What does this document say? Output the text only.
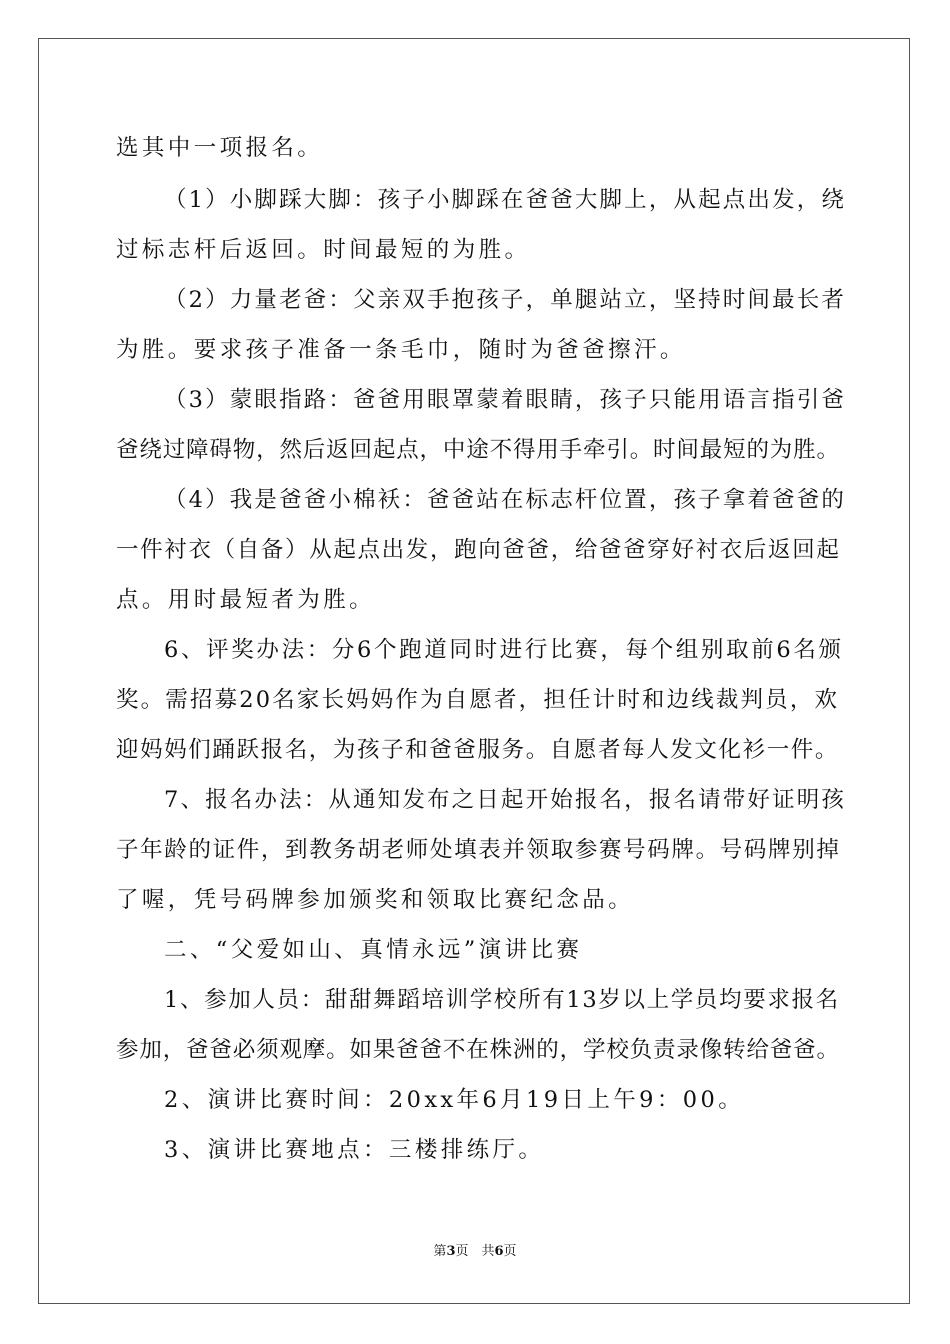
选其中一项报名。
（1）小脚踩大脚：孩子小脚踩在爸爸大脚上，从起点出发，绕
过标志杆后返回。时间最短的为胜。
（2）力量老爸：父亲双手抱孩子，单腿站立，坚持时间最长者
为胜。要求孩子准备一条毛巾，随时为爸爸擦汗。
（3）蒙眼指路：爸爸用眼罩蒙着眼睛，孩子只能用语言指引爸
爸绕过障碍物，然后返回起点，中途不得用手牵引。时间最短的为胜。
（4）我是爸爸小棉袄：爸爸站在标志杆位置，孩子拿着爸爸的
一件衬衣（自备）从起点出发，跑向爸爸，给爸爸穿好衬衣后返回起
点。用时最短者为胜。
6、评奖办法：分6个跑道同时进行比赛，每个组别取前6名颁
奖。需招募20名家长妈妈作为自愿者，担任计时和边线裁判员，欢
迎妈妈们踊跃报名，为孩子和爸爸服务。自愿者每人发文化衫一件。
7、报名办法：从通知发布之日起开始报名，报名请带好证明孩
子年龄的证件，到教务胡老师处填表并领取参赛号码牌。号码牌别掉
了喔，凭号码牌参加颁奖和领取比赛纪念品。
二、“父爱如山、真情永远”演讲比赛
1、参加人员：甜甜舞蹈培训学校所有13岁以上学员均要求报名
参加，爸爸必须观摩。如果爸爸不在株洲的，学校负责录像转给爸爸。
2、演讲比赛时间：20xx年6月19日上午9：00。
3、演讲比赛地点：三楼排练厅。
第3页　共6页
